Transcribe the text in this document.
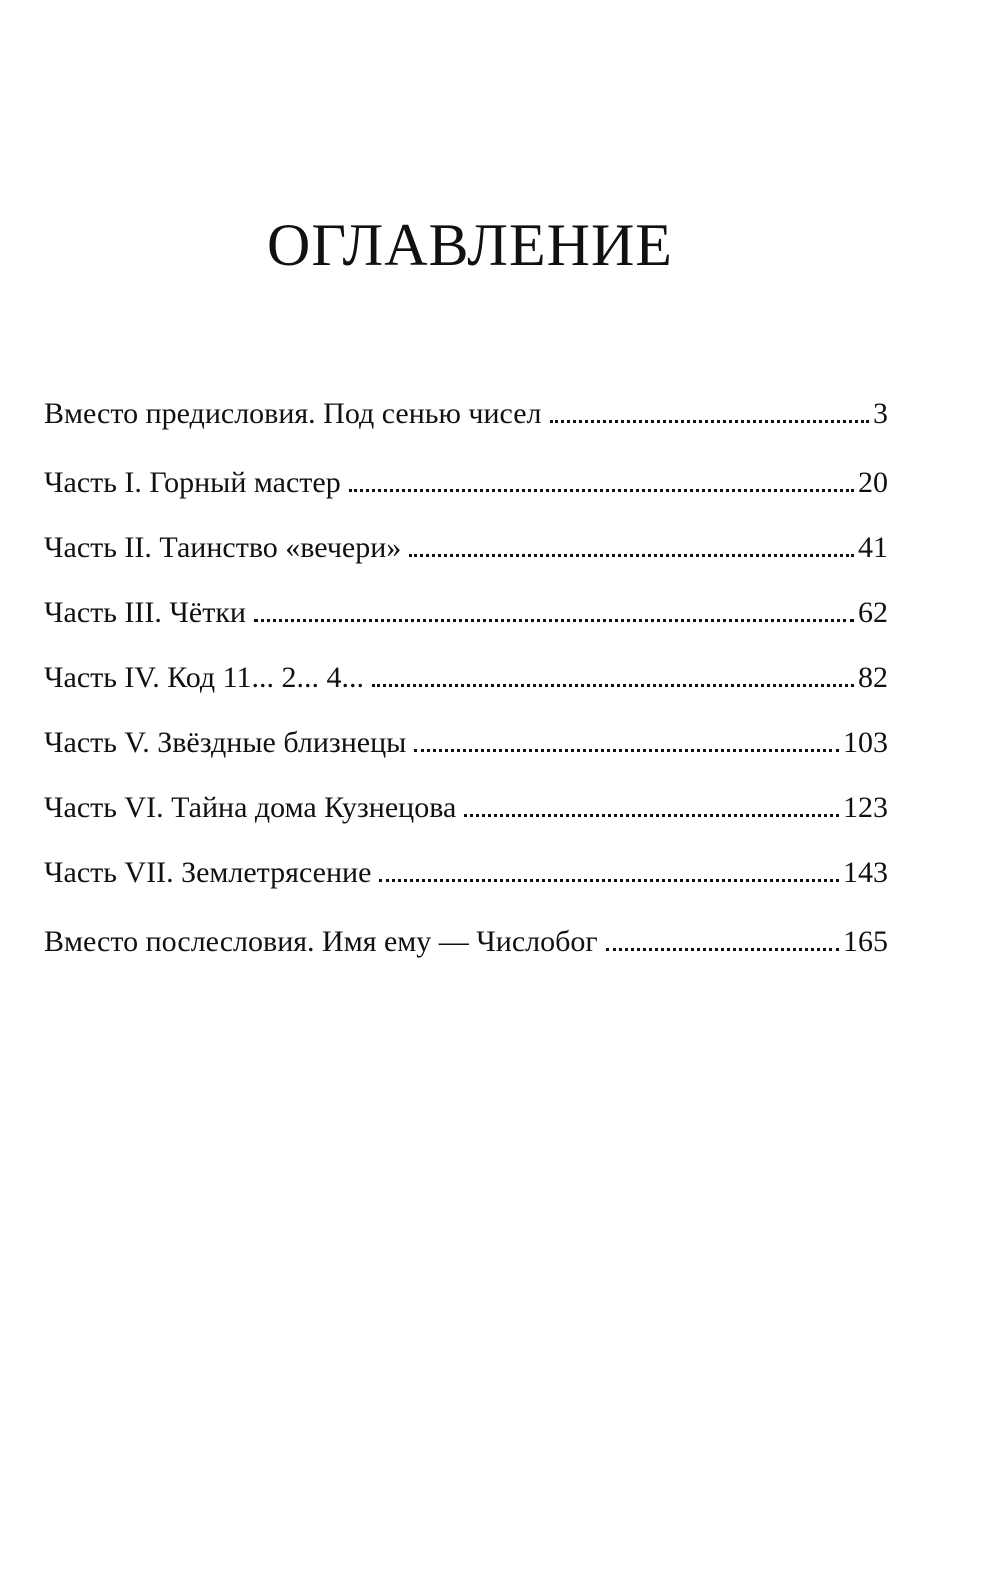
ОГЛАВЛЕНИЕ
Вместо предисловия. Под сенью чисел	3
Часть I. Горный мастер	20
Часть II. Таинство «вечери»	41
Часть III. Чётки	62
Часть IV. Код 11... 2... 4...	82
Часть V. Звёздные близнецы	103
Часть VI. Тайна дома Кузнецова	123
Часть VII. Землетрясение	143
Вместо послесловия. Имя ему — Числобог	165
